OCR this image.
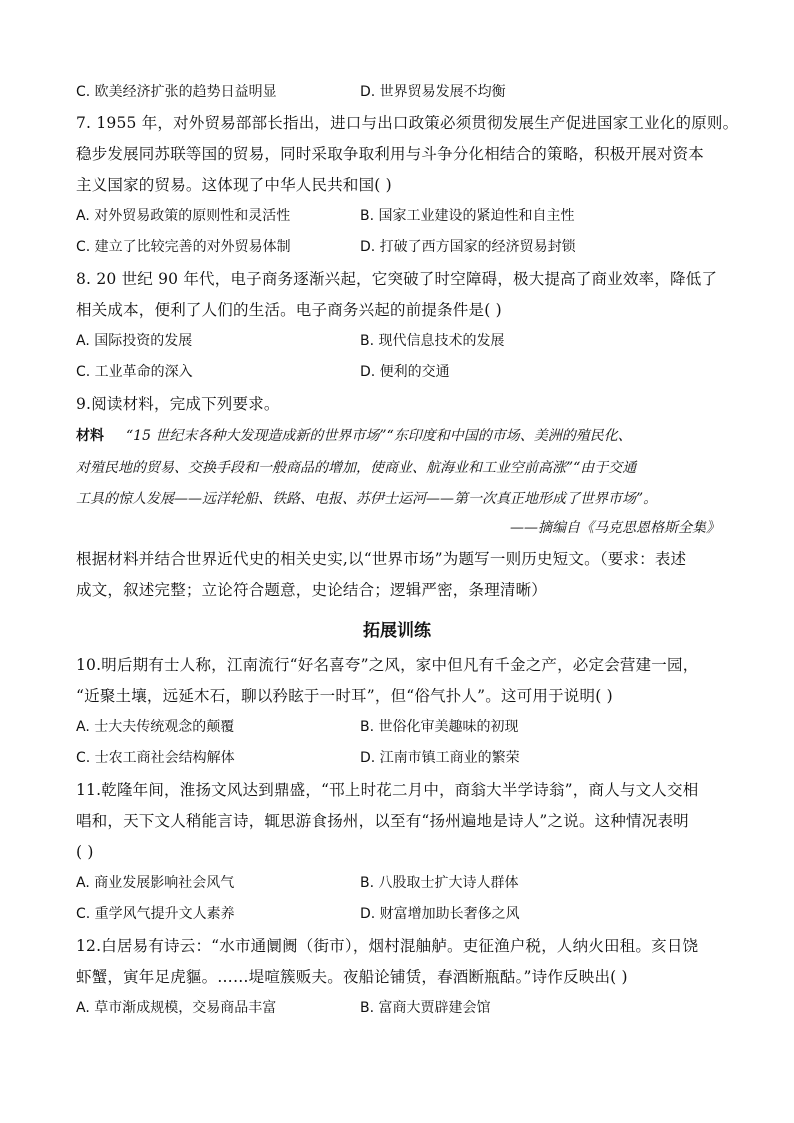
C. 欧美经济扩张的趋势日益明显	D. 世界贸易发展不均衡
7. 1955 年，对外贸易部部长指出，进口与出口政策必须贯彻发展生产促进国家工业化的原则。
稳步发展同苏联等国的贸易，同时采取争取利用与斗争分化相结合的策略，积极开展对资本
主义国家的贸易。这体现了中华人民共和国( )
A. 对外贸易政策的原则性和灵活性	B. 国家工业建设的紧迫性和自主性
C. 建立了比较完善的对外贸易体制	D. 打破了西方国家的经济贸易封锁
8. 20 世纪 90 年代，电子商务逐渐兴起，它突破了时空障碍，极大提高了商业效率，降低了
相关成本，便利了人们的生活。电子商务兴起的前提条件是( )
A. 国际投资的发展	B. 现代信息技术的发展
C. 工业革命的深入	D. 便利的交通
9.阅读材料，完成下列要求。
材料 “15 世纪末各种大发现造成新的世界市场”“东印度和中国的市场、美洲的殖民化、
对殖民地的贸易、交换手段和一般商品的增加，使商业、航海业和工业空前高涨”“由于交通
工具的惊人发展——远洋轮船、铁路、电报、苏伊士运河——第一次真正地形成了世界市场”。
——摘编自《马克思恩格斯全集》
根据材料并结合世界近代史的相关史实,以“世界市场”为题写一则历史短文。（要求：表述
成文，叙述完整；立论符合题意，史论结合；逻辑严密，条理清晰）
拓展训练
10.明后期有士人称，江南流行“好名喜夸”之风，家中但凡有千金之产，必定会营建一园，
“近聚土壤，远延木石，聊以矜眩于一时耳”，但“俗气扑人”。这可用于说明( )
A. 士大夫传统观念的颠覆	B. 世俗化审美趣味的初现
C. 士农工商社会结构解体	D. 江南市镇工商业的繁荣
11.乾隆年间，淮扬文风达到鼎盛，“邗上时花二月中，商翁大半学诗翁”，商人与文人交相
唱和，天下文人稍能言诗，辄思游食扬州，以至有“扬州遍地是诗人”之说。这种情况表明
( )
A. 商业发展影响社会风气	B. 八股取士扩大诗人群体
C. 重学风气提升文人素养	D. 财富增加助长奢侈之风
12.白居易有诗云：“水市通阛阓（街市），烟村混舳舻。吏征渔户税，人纳火田租。亥日饶
虾蟹，寅年足虎貙。……堤喧簇贩夫。夜船论铺赁，春酒断瓶酤。”诗作反映出( )
A. 草市渐成规模，交易商品丰富	B. 富商大贾辟建会馆
